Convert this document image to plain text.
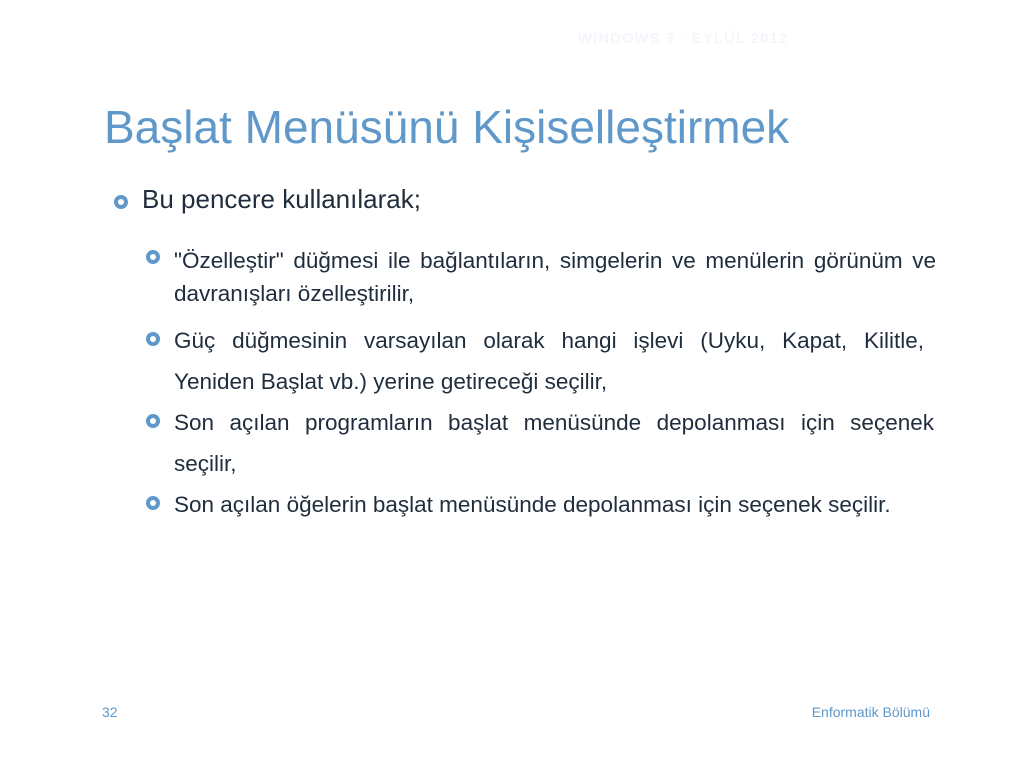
WINDOWS 7 · EYLÜL 2012
Başlat Menüsünü Kişiselleştirmek
Bu pencere kullanılarak;
"Özelleştir" düğmesi ile bağlantıların, simgelerin ve menülerin görünüm ve davranışları özelleştirilir,
Güç düğmesinin varsayılan olarak hangi işlevi (Uyku, Kapat, Kilitle, Yeniden Başlat vb.) yerine getireceği seçilir,
Son açılan programların başlat menüsünde depolanması için seçenek seçilir,
Son açılan öğelerin başlat menüsünde depolanması için seçenek seçilir.
32	Enformatik Bölümü
